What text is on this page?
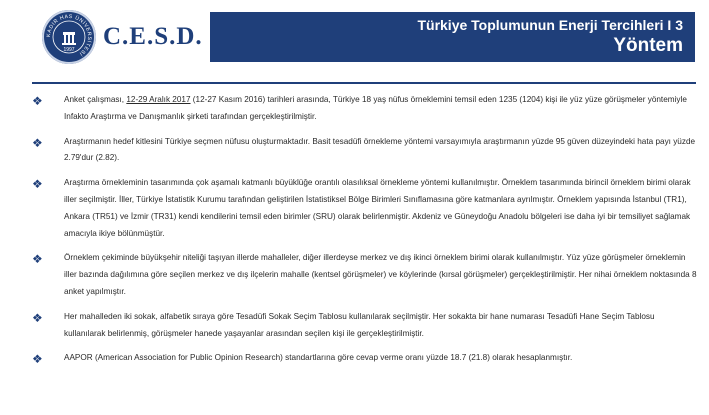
KADIR HAS ÜNİVERSİTESİ
1997 C.E.S.D.	Türkiye Toplumunun Enerji Tercihleri I 3
Yöntem
❖	Anket çalışması, 12-29 Aralık 2017 (12-27 Kasım 2016) tarihleri arasında, Türkiye 18 yaş nüfus örneklemini temsil eden 1235 (1204) kişi ile yüz yüze görüşmeler yöntemiyle Infakto Araştırma ve Danışmanlık şirketi tarafından gerçekleştirilmiştir.
❖	Araştırmanın hedef kitlesini Türkiye seçmen nüfusu oluşturmaktadır. Basit tesadüfi örnekleme yöntemi varsayımıyla araştırmanın yüzde 95 güven düzeyindeki hata payı yüzde 2.79'dur (2.82).
❖	Araştırma örnekleminin tasarımında çok aşamalı katmanlı büyüklüğe orantılı olasılıksal örnekleme yöntemi kullanılmıştır. Örneklem tasarımında birincil örneklem birimi olarak iller seçilmiştir. İller, Türkiye İstatistik Kurumu tarafından geliştirilen İstatistiksel Bölge Birimleri Sınıflamasına göre katmanlara ayrılmıştır. Örneklem yapısında İstanbul (TR1), Ankara (TR51) ve İzmir (TR31) kendi kendilerini temsil eden birimler (SRU) olarak belirlenmiştir. Akdeniz ve Güneydoğu Anadolu bölgeleri ise daha iyi bir temsiliyet sağlamak amacıyla ikiye bölünmüştür.
❖	Örneklem çekiminde büyükşehir niteliği taşıyan illerde mahalleler, diğer illerdeyse merkez ve dış ikinci örneklem birimi olarak kullanılmıştır. Yüz yüze görüşmeler örneklemin iller bazında dağılımına göre seçilen merkez ve dış ilçelerin mahalle (kentsel görüşmeler) ve köylerinde (kırsal görüşmeler) gerçekleştirilmiştir. Her nihai örneklem noktasında 8 anket yapılmıştır.
❖	Her mahalleden iki sokak, alfabetik sıraya göre Tesadüfi Sokak Seçim Tablosu kullanılarak seçilmiştir. Her sokakta bir hane numarası Tesadüfi Hane Seçim Tablosu kullanılarak belirlenmiş, görüşmeler hanede yaşayanlar arasından seçilen kişi ile gerçekleştirilmiştir.
❖	AAPOR (American Association for Public Opinion Research) standartlarına göre cevap verme oranı yüzde 18.7 (21.8) olarak hesaplanmıştır.
